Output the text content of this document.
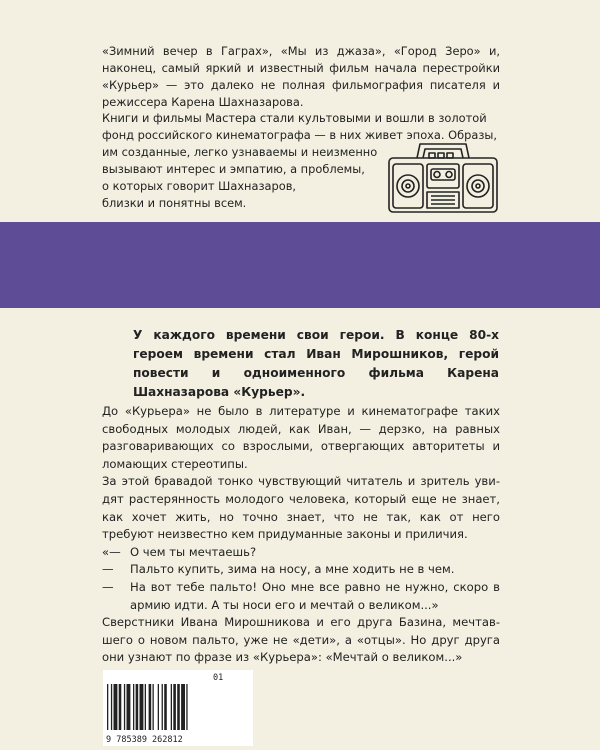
«Зимний вечер в Гаграх», «Мы из джаза», «Город Зеро» и, наконец, самый яркий и известный фильм начала перестройки «Курьер» — это далеко не полная фильмография писателя и режиссера Карена Шахназарова.

Книги и фильмы Мастера стали культовыми и вошли в золотой
фонд российского кинематографа — в них живет эпоха. Образы,
им созданные, легко узнаваемы и неизменно
вызывают интерес и эмпатию, а проблемы,
о которых говорит Шахназаров,
близки и понятны всем.

У каждого времени свои герои. В конце 80-х героем времени стал Иван Мирошников, герой повести и одноименного фильма Карена Шахназарова «Курьер».

До «Курьера» не было в литературе и кинематографе таких свободных молодых людей, как Иван, — дерзко, на равных разговаривающих со взрослыми, отвергающих авторитеты и ломающих стереотипы.

За этой бравадой тонко чувствующий читатель и зритель увидят растерянность молодого человека, который еще не знает, как хочет жить, но точно знает, что не так, как от него требуют неизвестно кем придуманные законы и приличия.

«— О чем ты мечтаешь?
—	Пальто купить, зима на носу, а мне ходить не в чем.
—	На вот тебе пальто! Оно мне все равно не нужно, скоро в армию идти. А ты носи его и мечтай о великом...»

Сверстники Ивана Мирошникова и его друга Базина, мечтавшего о новом пальто, уже не «дети», а «отцы». Но друг друга они узнают по фразе из «Курьера»: «Мечтай о великом...»

9 785389 262812
01
